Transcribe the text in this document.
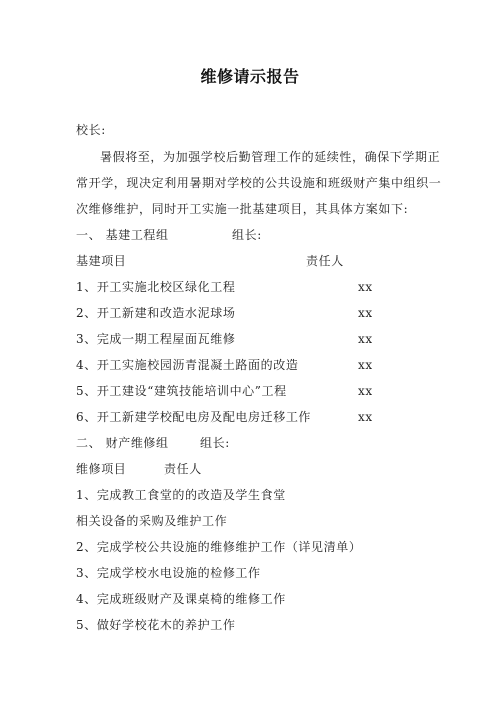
维修请示报告
校长:
暑假将至，为加强学校后勤管理工作的延续性，确保下学期正
常开学，现决定利用暑期对学校的公共设施和班级财产集中组织一
次维修维护，同时开工实施一批基建项目，其具体方案如下:
一、 基建工程组	组长:
基建项目	责任人
1、开工实施北校区绿化工程	xx
2、开工新建和改造水泥球场	xx
3、完成一期工程屋面瓦维修	xx
4、开工实施校园沥青混凝土路面的改造	xx
5、开工建设“建筑技能培训中心”工程	xx
6、开工新建学校配电房及配电房迁移工作	xx
二、 财产维修组	组长:
维修项目	责任人
1、完成教工食堂的的改造及学生食堂
相关设备的采购及维护工作
2、完成学校公共设施的维修维护工作（详见清单）
3、完成学校水电设施的检修工作
4、完成班级财产及课桌椅的维修工作
5、做好学校花木的养护工作
